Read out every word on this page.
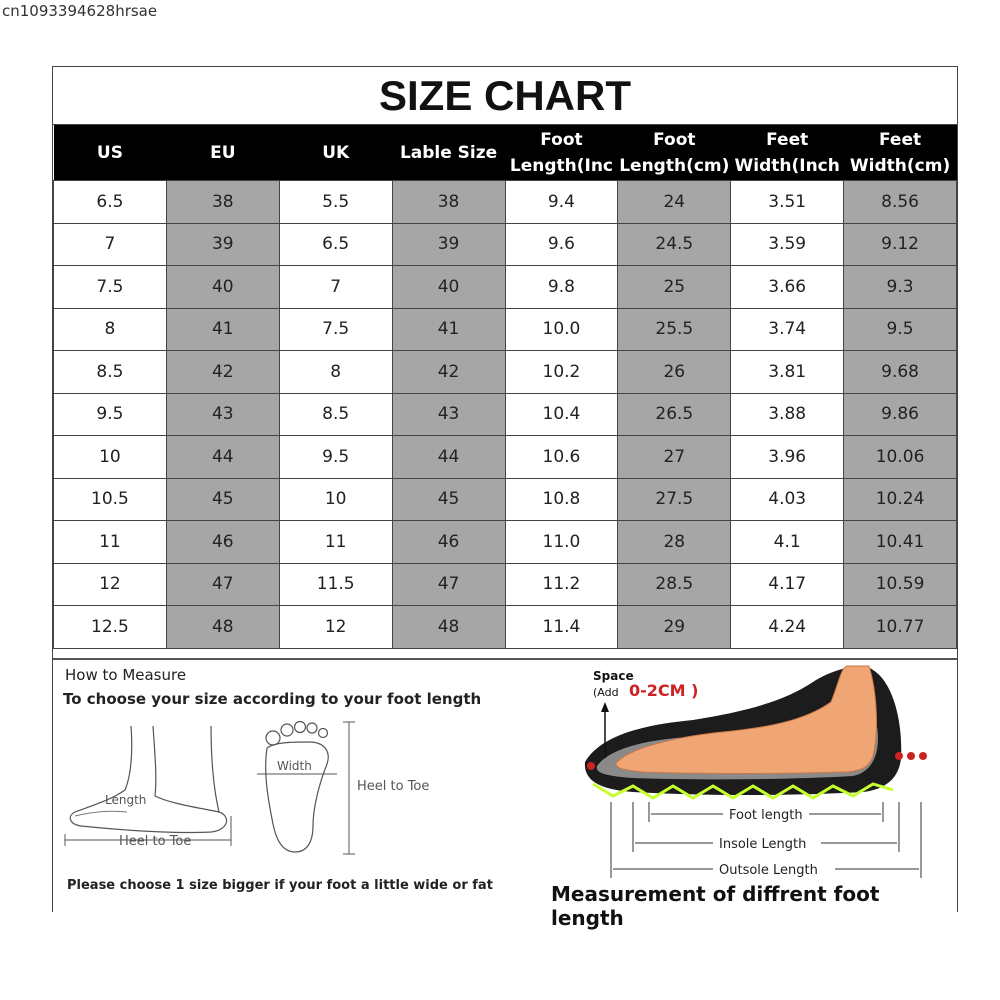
cn1093394628hrsae
SIZE CHART
US	EU	UK	Lable Size	Foot Length(Inc	Foot Length(cm)	Feet Width(Inch	Feet Width(cm)
6.5	38	5.5	38	9.4	24	3.51	8.56
7	39	6.5	39	9.6	24.5	3.59	9.12
7.5	40	7	40	9.8	25	3.66	9.3
8	41	7.5	41	10.0	25.5	3.74	9.5
8.5	42	8	42	10.2	26	3.81	9.68
9.5	43	8.5	43	10.4	26.5	3.88	9.86
10	44	9.5	44	10.6	27	3.96	10.06
10.5	45	10	45	10.8	27.5	4.03	10.24
11	46	11	46	11.0	28	4.1	10.41
12	47	11.5	47	11.2	28.5	4.17	10.59
12.5	48	12	48	11.4	29	4.24	10.77
How to Measure
To choose your size according to your foot length
Length
Heel to Toe
Width
Heel to Toe
Please choose 1 size bigger if your foot a little wide or fat
Space
(Add 0-2CM )
Foot length
Insole Length
Outsole Length
Measurement of diffrent foot length
